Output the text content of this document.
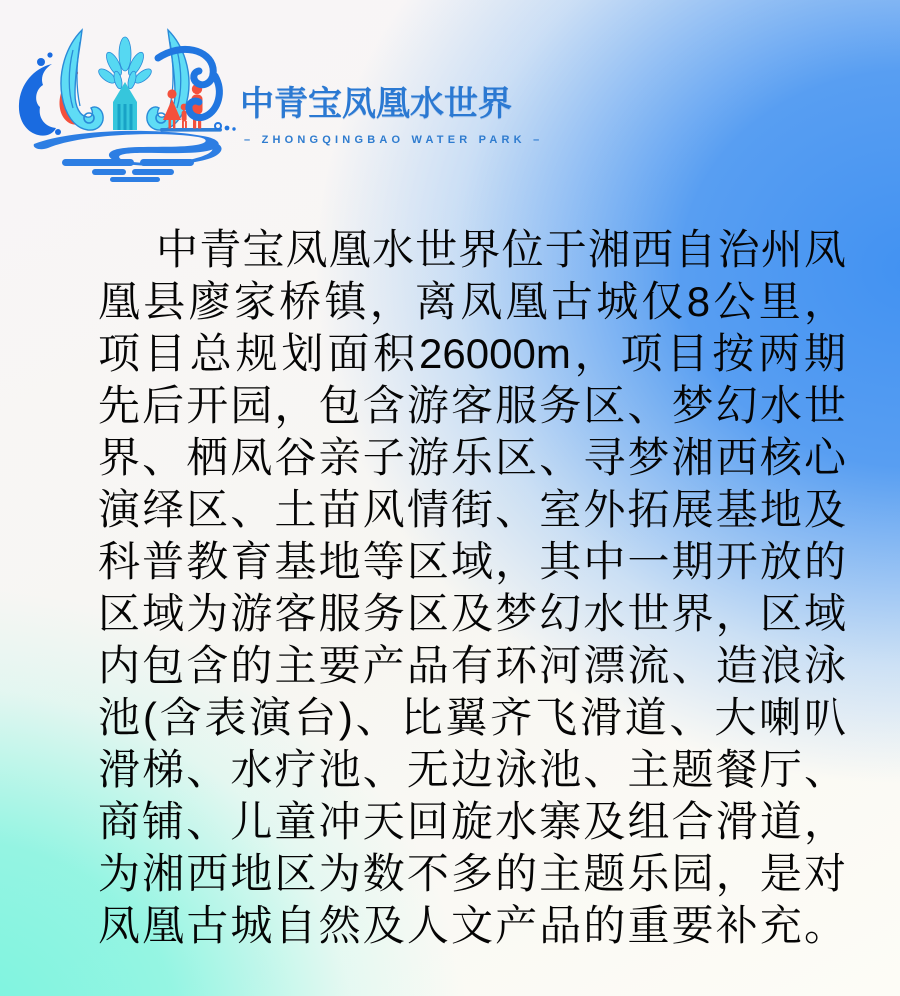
中青宝凤凰水世界
– ZHONGQINGBAO WATER PARK –
中青宝凤凰水世界位于湘西自治州凤
凰县廖家桥镇，离凤凰古城仅8公里，
项目总规划面积26000m，项目按两期
先后开园，包含游客服务区、梦幻水世
界、栖凤谷亲子游乐区、寻梦湘西核心
演绎区、土苗风情街、室外拓展基地及
科普教育基地等区域，其中一期开放的
区域为游客服务区及梦幻水世界，区域
内包含的主要产品有环河漂流、造浪泳
池(含表演台)、比翼齐飞滑道、大喇叭
滑梯、水疗池、无边泳池、主题餐厅、
商铺、儿童冲天回旋水寨及组合滑道，
为湘西地区为数不多的主题乐园，是对
凤凰古城自然及人文产品的重要补充。
